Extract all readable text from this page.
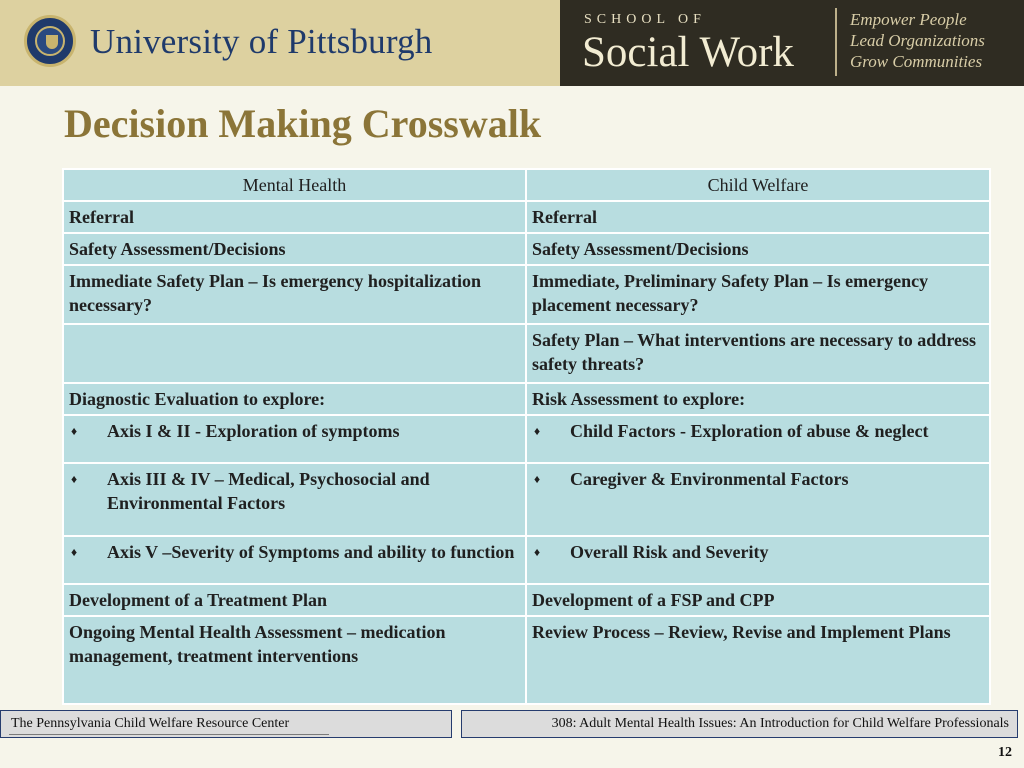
University of Pittsburgh
SCHOOL OF
Social Work
Empower People
Lead Organizations
Grow Communities
Decision Making Crosswalk
Mental Health	Child Welfare
Referral	Referral
Safety Assessment/Decisions	Safety Assessment/Decisions
Immediate Safety Plan – Is emergency hospitalization necessary?	Immediate, Preliminary Safety Plan – Is emergency placement necessary?
	Safety Plan – What interventions are necessary to address safety threats?
Diagnostic Evaluation to explore:	Risk Assessment to explore:

♦ Axis I & II - Exploration of symptoms	♦ Child Factors - Exploration of abuse & neglect

♦ Axis III & IV – Medical, Psychosocial and Environmental Factors	♦ Caregiver & Environmental Factors

♦ Axis V –Severity of Symptoms and ability to function	♦ Overall Risk and Severity

Development of a Treatment Plan	Development of a FSP and CPP
Ongoing Mental Health Assessment – medication management, treatment interventions	Review Process – Review, Revise and Implement Plans
The Pennsylvania Child Welfare Resource Center	308: Adult Mental Health Issues: An Introduction for Child Welfare Professionals
12
